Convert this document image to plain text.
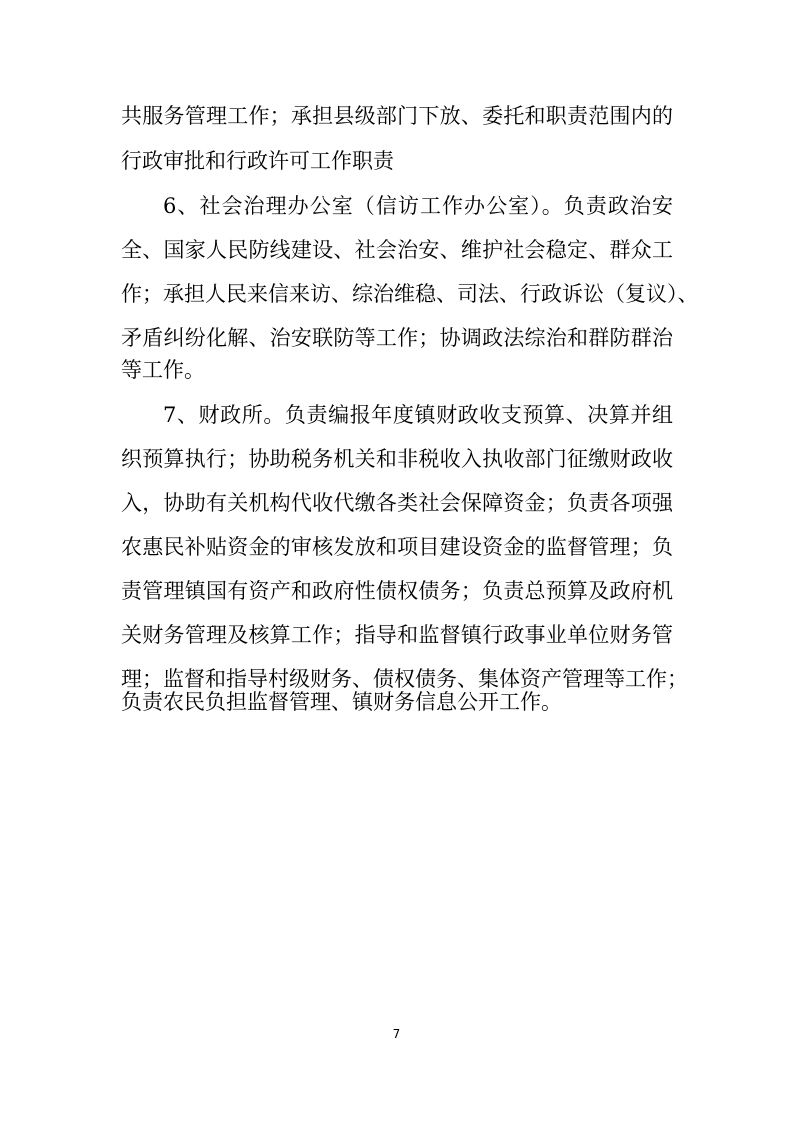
共服务管理工作；承担县级部门下放、委托和职责范围内的
行政审批和行政许可工作职责
6、社会治理办公室（信访工作办公室）。负责政治安
全、国家人民防线建设、社会治安、维护社会稳定、群众工
作；承担人民来信来访、综治维稳、司法、行政诉讼（复议）、
矛盾纠纷化解、治安联防等工作；协调政法综治和群防群治
等工作。
7、财政所。负责编报年度镇财政收支预算、决算并组
织预算执行；协助税务机关和非税收入执收部门征缴财政收
入，协助有关机构代收代缴各类社会保障资金；负责各项强
农惠民补贴资金的审核发放和项目建设资金的监督管理；负
责管理镇国有资产和政府性债权债务；负责总预算及政府机
关财务管理及核算工作；指导和监督镇行政事业单位财务管
理；监督和指导村级财务、债权债务、集体资产管理等工作；
负责农民负担监督管理、镇财务信息公开工作。
7
